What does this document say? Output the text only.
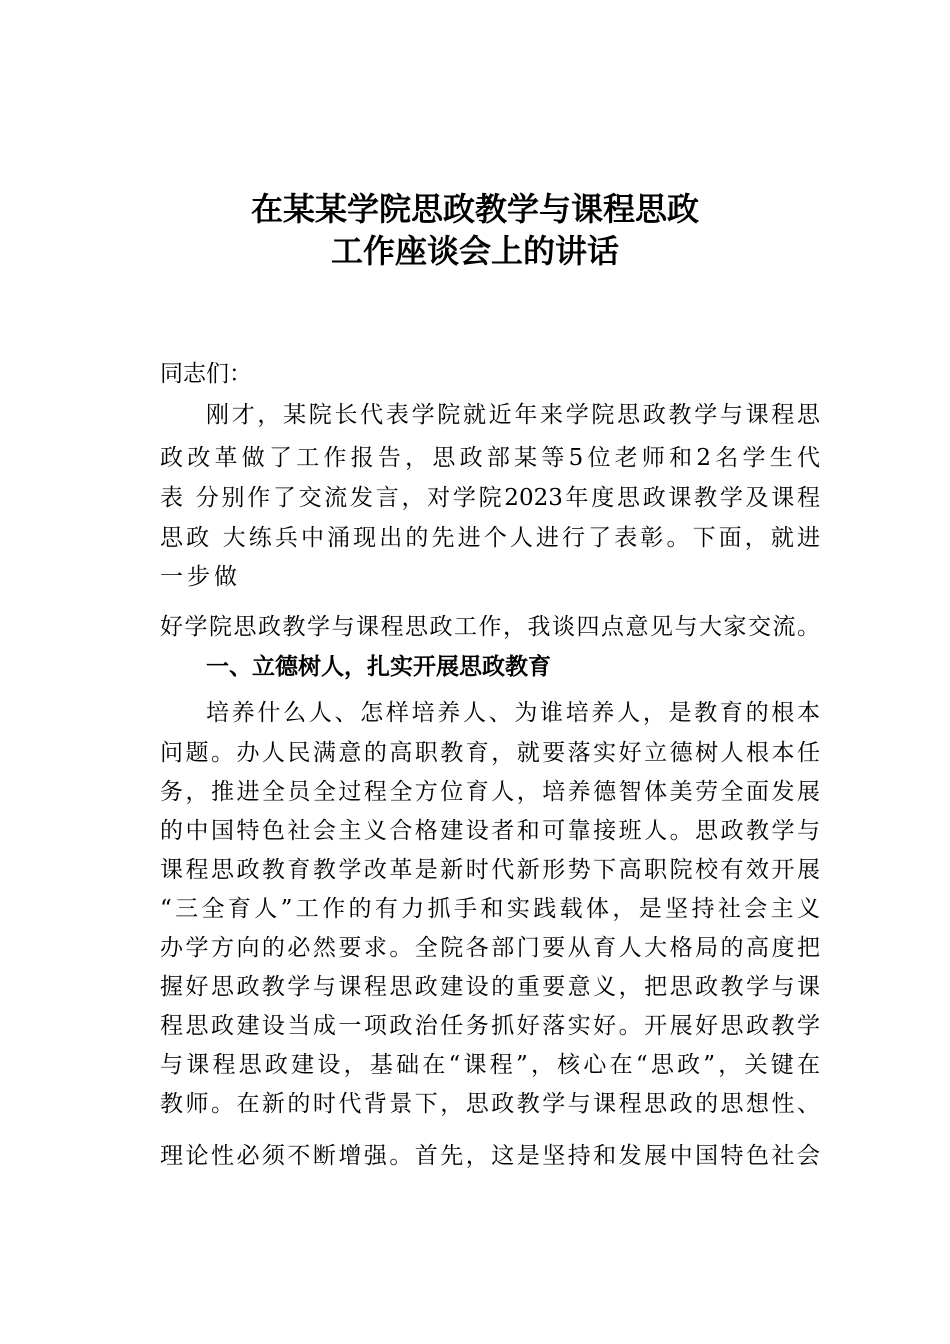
在某某学院思政教学与课程思政
工作座谈会上的讲话
同志们：
刚才，某院长代表学院就近年来学院思政教学与课程思
政改革做了工作报告，思政部某等5位老师和2名学生代
表 分别作了交流发言，对学院2023年度思政课教学及课程
思政 大练兵中涌现出的先进个人进行了表彰。下面，就进
一步做
好学院思政教学与课程思政工作，我谈四点意见与大家交流。
一、立德树人，扎实开展思政教育
培养什么人、怎样培养人、为谁培养人，是教育的根本
问题。办人民满意的高职教育，就要落实好立德树人根本任
务，推进全员全过程全方位育人，培养德智体美劳全面发展
的中国特色社会主义合格建设者和可靠接班人。思政教学与
课程思政教育教学改革是新时代新形势下高职院校有效开展
“三全育人”工作的有力抓手和实践载体，是坚持社会主义
办学方向的必然要求。全院各部门要从育人大格局的高度把
握好思政教学与课程思政建设的重要意义，把思政教学与课
程思政建设当成一项政治任务抓好落实好。开展好思政教学
与课程思政建设，基础在“课程”，核心在“思政”，关键在
教师。在新的时代背景下，思政教学与课程思政的思想性、
理论性必须不断增强。首先，这是坚持和发展中国特色社会
